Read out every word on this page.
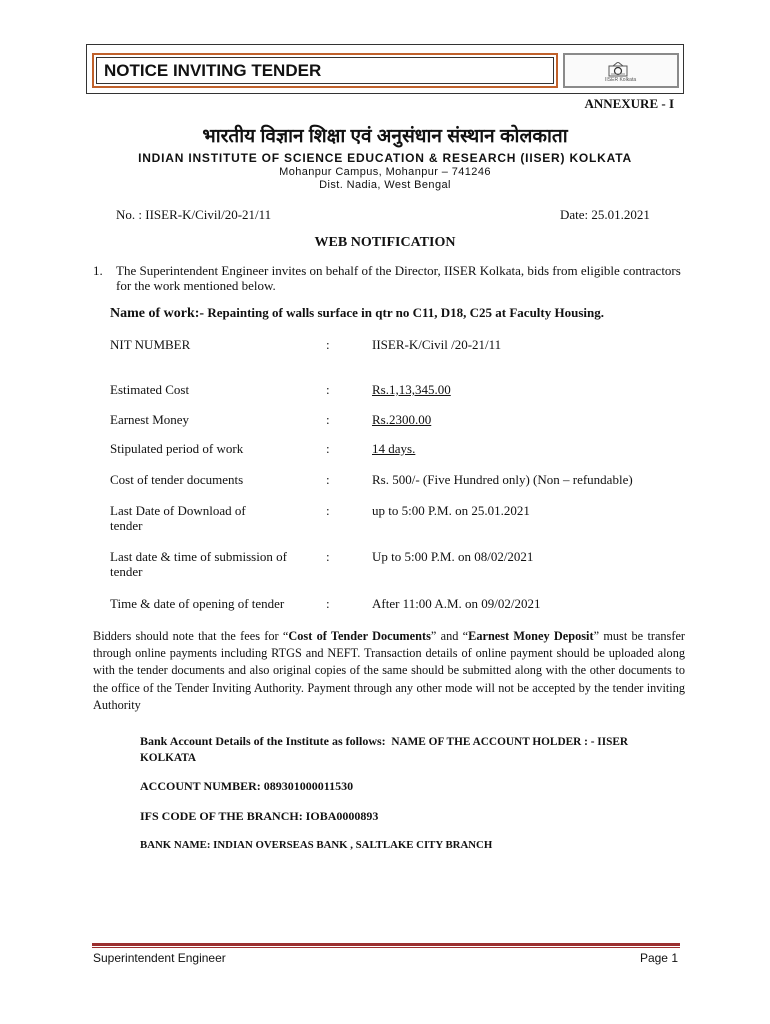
NOTICE INVITING TENDER	IISER Kolkata
ANNEXURE - I
भारतीय विज्ञान शिक्षा एवं अनुसंधान संस्थान कोलकाता
INDIAN INSTITUTE OF SCIENCE EDUCATION & RESEARCH (IISER) KOLKATA
Mohanpur Campus, Mohanpur – 741246
Dist. Nadia, West Bengal
No. : IISER-K/Civil/20-21/11	Date: 25.01.2021
WEB NOTIFICATION
1. The Superintendent Engineer invites on behalf of the Director, IISER Kolkata, bids from eligible contractors for the work mentioned below.
Name of work:- Repainting of walls surface in qtr no C11, D18, C25 at Faculty Housing.
NIT NUMBER	:	IISER-K/Civil /20-21/11
Estimated Cost	:	Rs.1,13,345.00
Earnest Money	:	Rs.2300.00
Stipulated period of work	:	14 days.
Cost of tender documents	:	Rs. 500/- (Five Hundred only) (Non – refundable)
Last Date of Download of tender
:	up to 5:00 P.M. on 25.01.2021
Last date & time of submission of tender
:	Up to 5:00 P.M. on 08/02/2021
Time & date of opening of tender	:	After 11:00 A.M. on 09/02/2021
Bidders should note that the fees for “Cost of Tender Documents” and “Earnest Money Deposit” must be transfer through online payments including RTGS and NEFT. Transaction details of online payment should be uploaded along with the tender documents and also original copies of the same should be submitted along with the other documents to the office of the Tender Inviting Authority. Payment through any other mode will not be accepted by the tender inviting Authority
Bank Account Details of the Institute as follows: NAME OF THE ACCOUNT HOLDER : - IISER KOLKATA
ACCOUNT NUMBER: 089301000011530
IFS CODE OF THE BRANCH: IOBA0000893
BANK NAME: INDIAN OVERSEAS BANK , SALTLAKE CITY BRANCH
Superintendent Engineer	Page 1
